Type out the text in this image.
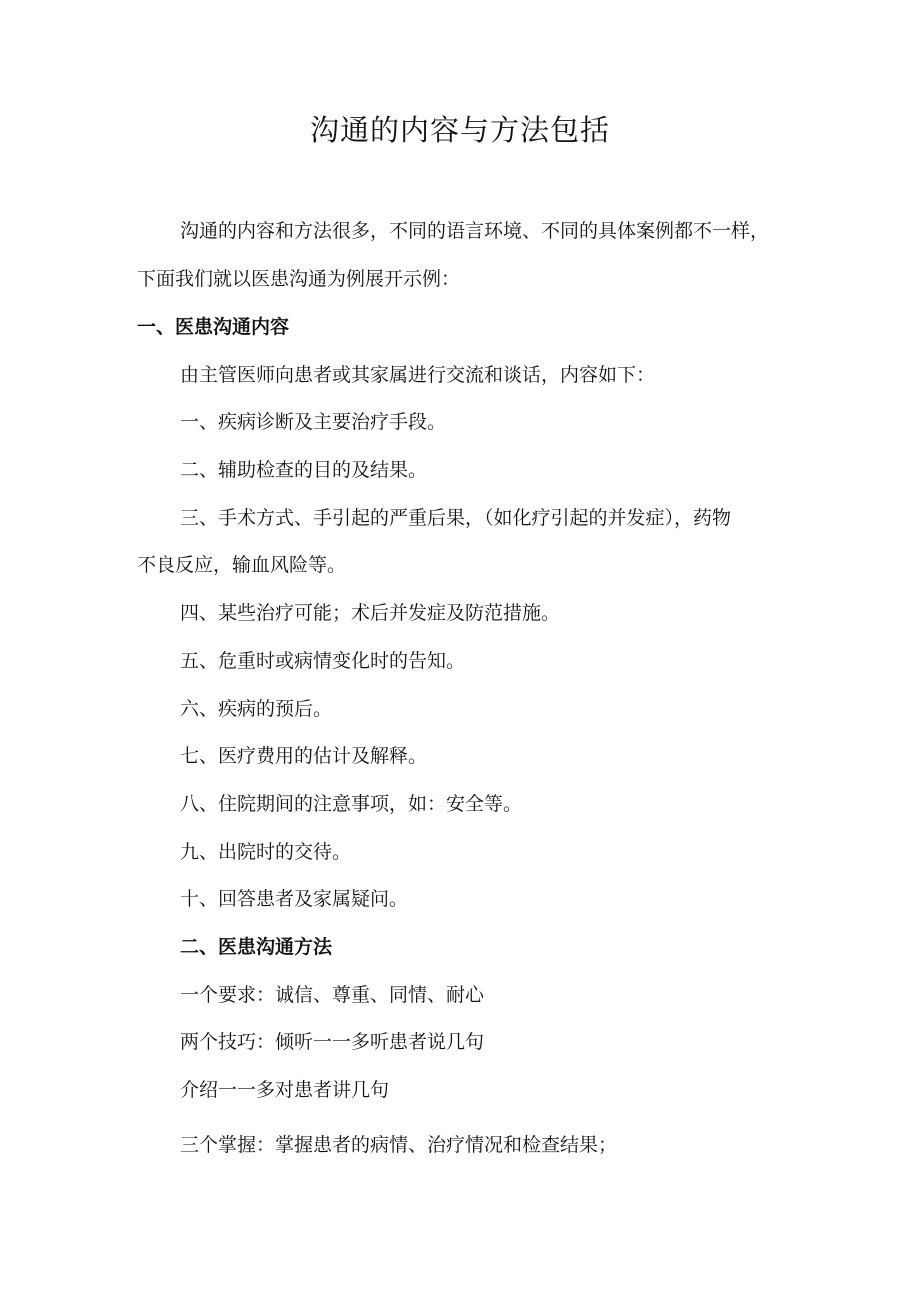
沟通的内容与方法包括

沟通的内容和方法很多，不同的语言环境、不同的具体案例都不一样，

下面我们就以医患沟通为例展开示例：

一、医患沟通内容

由主管医师向患者或其家属进行交流和谈话，内容如下：

一、疾病诊断及主要治疗手段。

二、辅助检查的目的及结果。

三、手术方式、手引起的严重后果，（如化疗引起的并发症），药物

不良反应，输血风险等。

四、某些治疗可能；术后并发症及防范措施。

五、危重时或病情变化时的告知。

六、疾病的预后。

七、医疗费用的估计及解释。

八、住院期间的注意事项，如：安全等。

九、出院时的交待。

十、回答患者及家属疑问。

二、医患沟通方法

一个要求：诚信、尊重、同情、耐心

两个技巧：倾听一一多听患者说几句

介绍一一多对患者讲几句

三个掌握：掌握患者的病情、治疗情况和检查结果；
